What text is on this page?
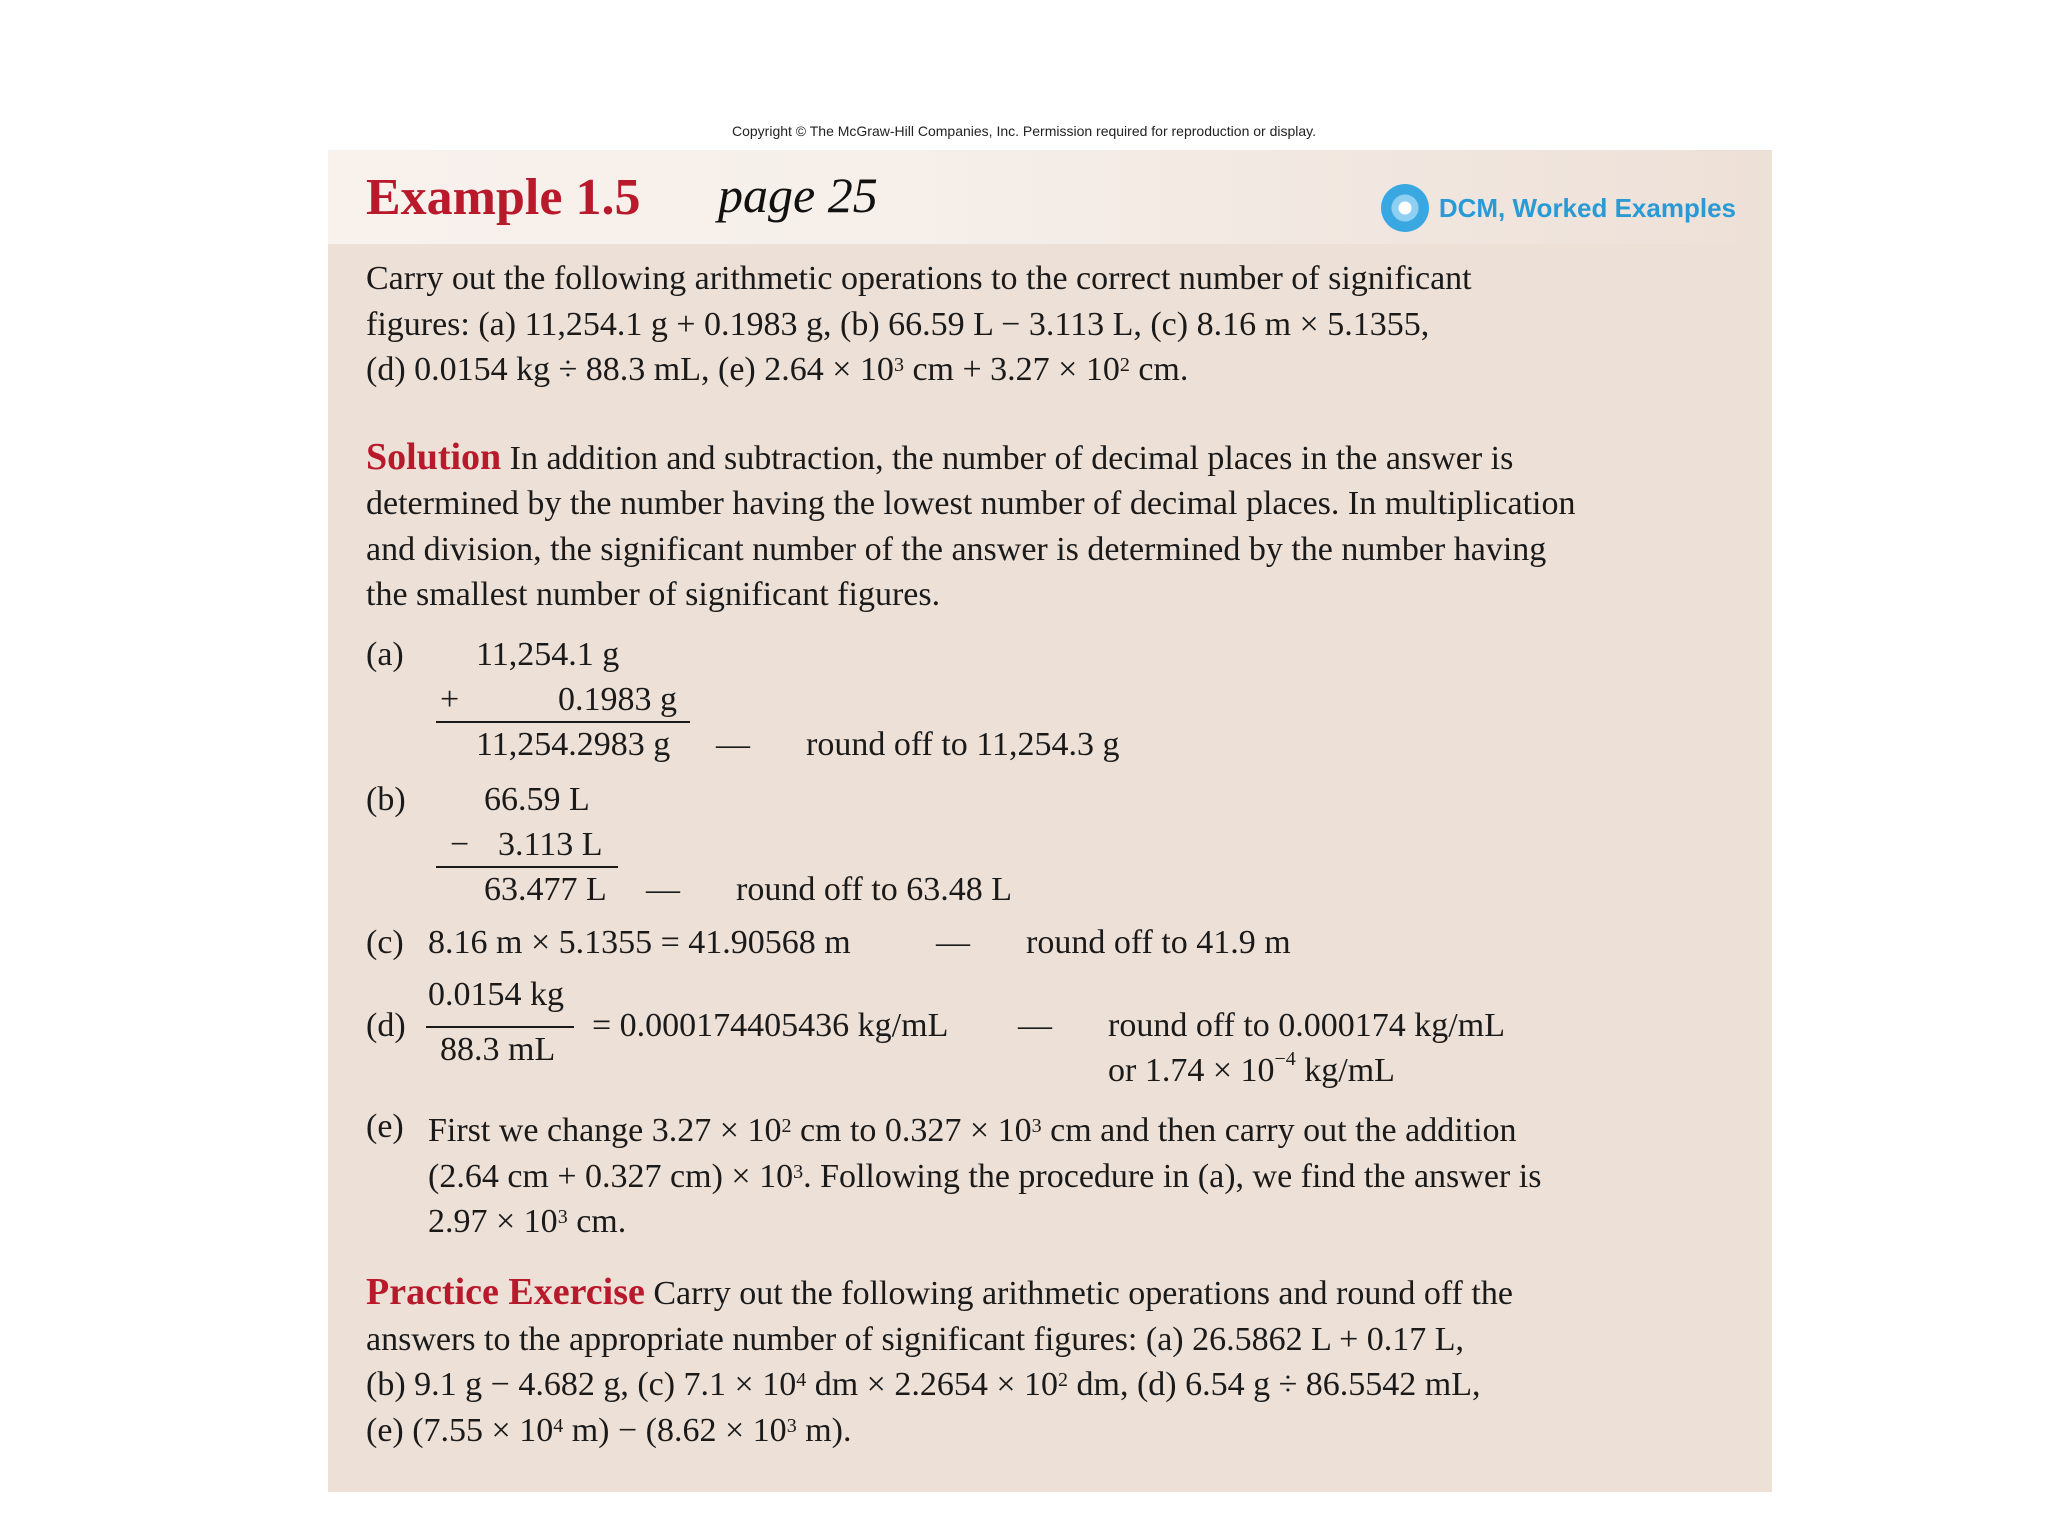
Copyright © The McGraw-Hill Companies, Inc. Permission required for reproduction or display.
Example 1.5 page 25	DCM, Worked Examples

Carry out the following arithmetic operations to the correct number of significant
figures: (a) 11,254.1 g + 0.1983 g, (b) 66.59 L − 3.113 L, (c) 8.16 m × 5.1355,
(d) 0.0154 kg ÷ 88.3 mL, (e) $2.64 \times 10^3$ cm + $3.27 \times 10^2$ cm.

Solution In addition and subtraction, the number of decimal places in the answer is
determined by the number having the lowest number of decimal places. In multiplication
and division, the significant number of the answer is determined by the number having
the smallest number of significant figures.

(a) 11,254.1 g
+	0.1983 g
11,254.2983 g — round off to 11,254.3 g
(b) 66.59 L
− 3.113 L
63.477 L — round off to 63.48 L
(c) 8.16 m × 5.1355 = 41.90568 m	— round off to 41.9 m
(d)
0.0154 kg
88.3 mL
= 0.000174405436 kg/mL — round off to 0.000174 kg/mL
or $1.74 \times 10^{-4}$ kg/mL
(e) First we change $3.27 \times 10^2$ cm to $0.327 \times 10^3$ cm and then carry out the addition
(2.64 cm + 0.327 $cm) \times 10^3$. Following the procedure in (a), we find the answer is
$2.97 \times 10^3$ cm.
Practice Exercise Carry out the following arithmetic operations and round off the
answers to the appropriate number of significant figures: (a) 26.5862 L + 0.17 L,
(b) 9.1 g − 4.682 g, (c) $7.1 \times 10^4$ dm × $2.2654 \times 10^2$ dm, (d) 6.54 g ÷ 86.5542 mL,
(e) ($7.55 \times 10^4$ $m) - (8.62 \times 10^3$ m).
